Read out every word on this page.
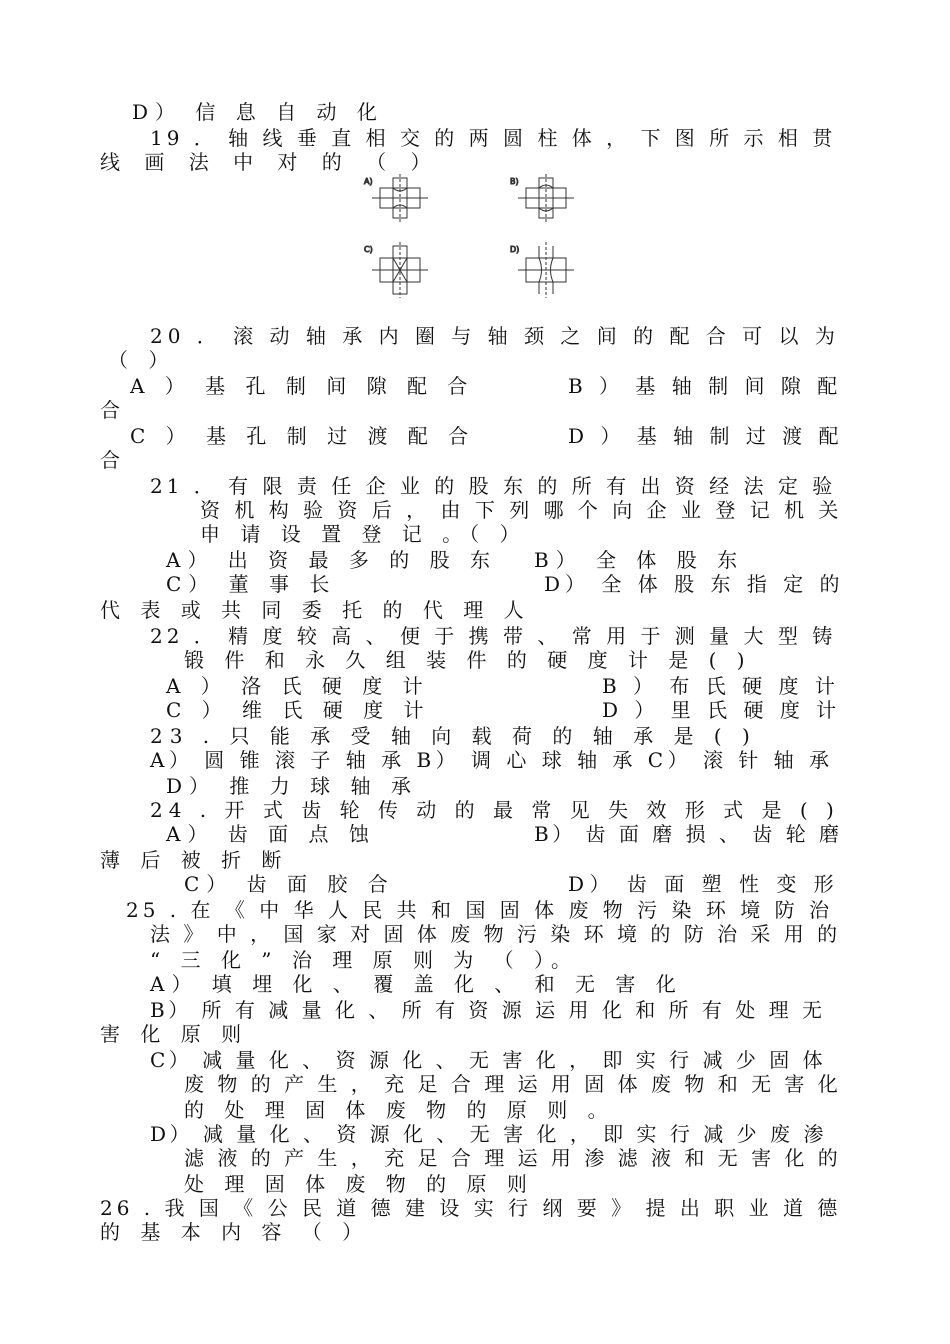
D） 信 息 自 动 化
19 ． 轴 线 垂 直 相 交 的 两 圆 柱 体 ， 下 图 所 示 相 贯
线 画 法 中 对 的 （ ）
A)	B)
C)	D)
20 ． 滚 动 轴 承 内 圈 与 轴 颈 之 间 的 配 合 可 以 为
（ ）
A ） 基 孔 制 间 隙 配 合	B ） 基 轴 制 间 隙 配
合
C ） 基 孔 制 过 渡 配 合	D ） 基 轴 制 过 渡 配
合
21 ． 有 限 责 任 企 业 的 股 东 的 所 有 出 资 经 法 定 验
资 机 构 验 资 后 ， 由 下 列 哪 个 向 企 业 登 记 机 关
申 请 设 置 登 记 。（ ）
A） 出 资 最 多 的 股 东 B） 全 体 股 东
C） 董 事 长	D） 全 体 股 东 指 定 的
代 表 或 共 同 委 托 的 代 理 人
22 ． 精 度 较 高 、 便 于 携 带 、 常 用 于 测 量 大 型 铸
锻 件 和 永 久 组 装 件 的 硬 度 计 是 ( )
A ） 洛 氏 硬 度 计	B ） 布 氏 硬 度 计
C ） 维 氏 硬 度 计	D ） 里 氏 硬 度 计
23 . 只 能 承 受 轴 向 载 荷 的 轴 承 是 ( )
A） 圆 锥 滚 子 轴 承 B） 调 心 球 轴 承 C） 滚 针 轴 承
D） 推 力 球 轴 承
24 . 开 式 齿 轮 传 动 的 最 常 见 失 效 形 式 是 ( )
A） 齿 面 点 蚀	B） 齿 面 磨 损 、 齿 轮 磨
薄 后 被 折 断
C） 齿 面 胶 合	D） 齿 面 塑 性 变 形
25 . 在 《 中 华 人 民 共 和 国 固 体 废 物 污 染 环 境 防 治
法 》 中 ， 国 家 对 固 体 废 物 污 染 环 境 的 防 治 采 用 的
“ 三 化 ” 治 理 原 则 为 （ ）。
A） 填 埋 化 、 覆 盖 化 、 和 无 害 化
B） 所 有 减 量 化 、 所 有 资 源 运 用 化 和 所 有 处 理 无
害 化 原 则
C） 减 量 化 、 资 源 化 、 无 害 化 ， 即 实 行 减 少 固 体
废 物 的 产 生 ， 充 足 合 理 运 用 固 体 废 物 和 无 害 化
的 处 理 固 体 废 物 的 原 则 。
D） 减 量 化 、 资 源 化 、 无 害 化 ， 即 实 行 减 少 废 渗
滤 液 的 产 生 ， 充 足 合 理 运 用 渗 滤 液 和 无 害 化 的
处 理 固 体 废 物 的 原 则
26 . 我 国 《 公 民 道 德 建 设 实 行 纲 要 》 提 出 职 业 道 德
的 基 本 内 容 （ ）
